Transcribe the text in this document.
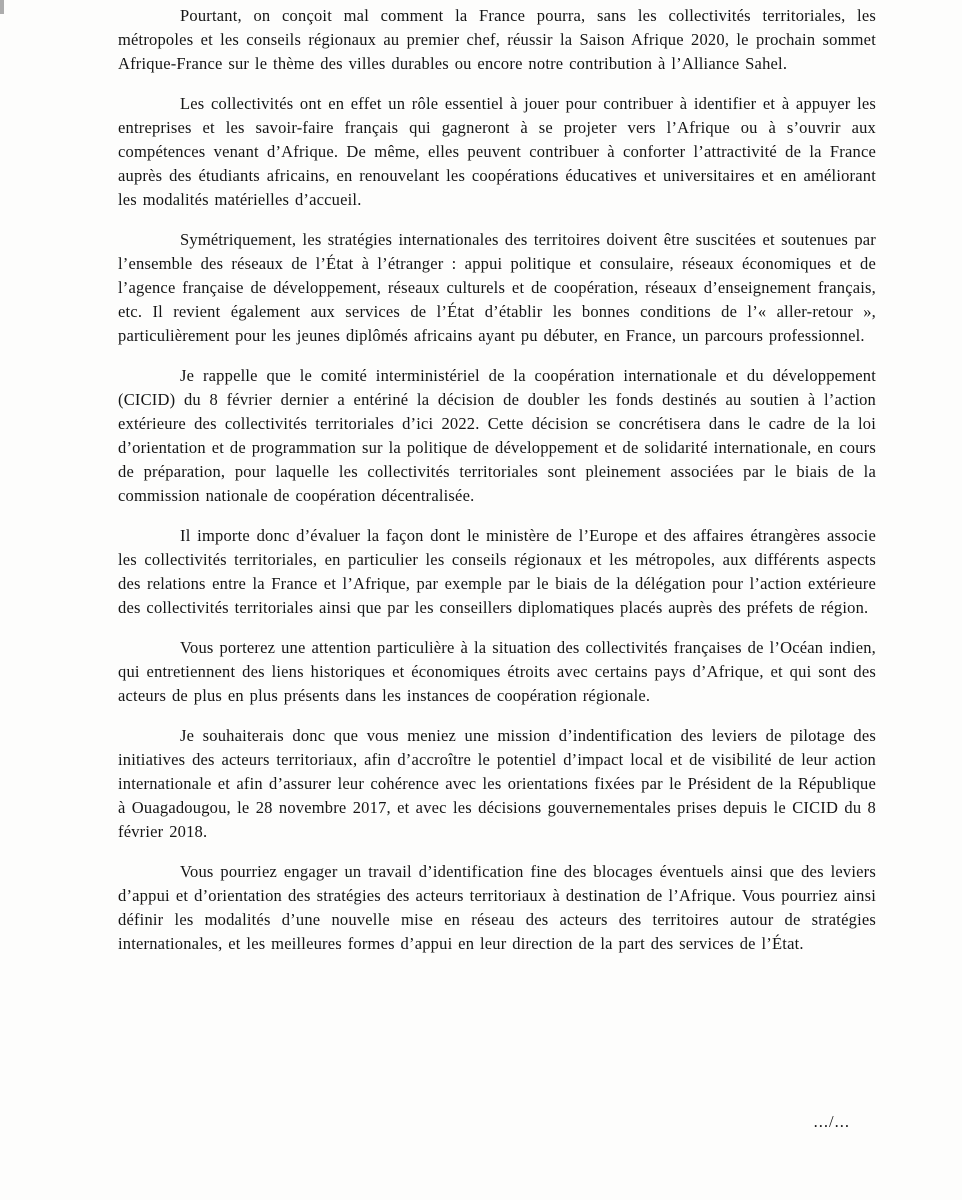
Pourtant, on conçoit mal comment la France pourra, sans les collectivités territoriales, les métropoles et les conseils régionaux au premier chef, réussir la Saison Afrique 2020, le prochain sommet Afrique-France sur le thème des villes durables ou encore notre contribution à l’Alliance Sahel.

Les collectivités ont en effet un rôle essentiel à jouer pour contribuer à identifier et à appuyer les entreprises et les savoir-faire français qui gagneront à se projeter vers l’Afrique ou à s’ouvrir aux compétences venant d’Afrique. De même, elles peuvent contribuer à conforter l’attractivité de la France auprès des étudiants africains, en renouvelant les coopérations éducatives et universitaires et en améliorant les modalités matérielles d’accueil.

Symétriquement, les stratégies internationales des territoires doivent être suscitées et soutenues par l’ensemble des réseaux de l’État à l’étranger : appui politique et consulaire, réseaux économiques et de l’agence française de développement, réseaux culturels et de coopération, réseaux d’enseignement français, etc. Il revient également aux services de l’État d’établir les bonnes conditions de l’« aller-retour », particulièrement pour les jeunes diplômés africains ayant pu débuter, en France, un parcours professionnel.

Je rappelle que le comité interministériel de la coopération internationale et du développement (CICID) du 8 février dernier a entériné la décision de doubler les fonds destinés au soutien à l’action extérieure des collectivités territoriales d’ici 2022. Cette décision se concrétisera dans le cadre de la loi d’orientation et de programmation sur la politique de développement et de solidarité internationale, en cours de préparation, pour laquelle les collectivités territoriales sont pleinement associées par le biais de la commission nationale de coopération décentralisée.

Il importe donc d’évaluer la façon dont le ministère de l’Europe et des affaires étrangères associe les collectivités territoriales, en particulier les conseils régionaux et les métropoles, aux différents aspects des relations entre la France et l’Afrique, par exemple par le biais de la délégation pour l’action extérieure des collectivités territoriales ainsi que par les conseillers diplomatiques placés auprès des préfets de région.

Vous porterez une attention particulière à la situation des collectivités françaises de l’Océan indien, qui entretiennent des liens historiques et économiques étroits avec certains pays d’Afrique, et qui sont des acteurs de plus en plus présents dans les instances de coopération régionale.

Je souhaiterais donc que vous meniez une mission d’indentification des leviers de pilotage des initiatives des acteurs territoriaux, afin d’accroître le potentiel d’impact local et de visibilité de leur action internationale et afin d’assurer leur cohérence avec les orientations fixées par le Président de la République à Ouagadougou, le 28 novembre 2017, et avec les décisions gouvernementales prises depuis le CICID du 8 février 2018.

Vous pourriez engager un travail d’identification fine des blocages éventuels ainsi que des leviers d’appui et d’orientation des stratégies des acteurs territoriaux à destination de l’Afrique. Vous pourriez ainsi définir les modalités d’une nouvelle mise en réseau des acteurs des territoires autour de stratégies internationales, et les meilleures formes d’appui en leur direction de la part des services de l’État.

.../...
